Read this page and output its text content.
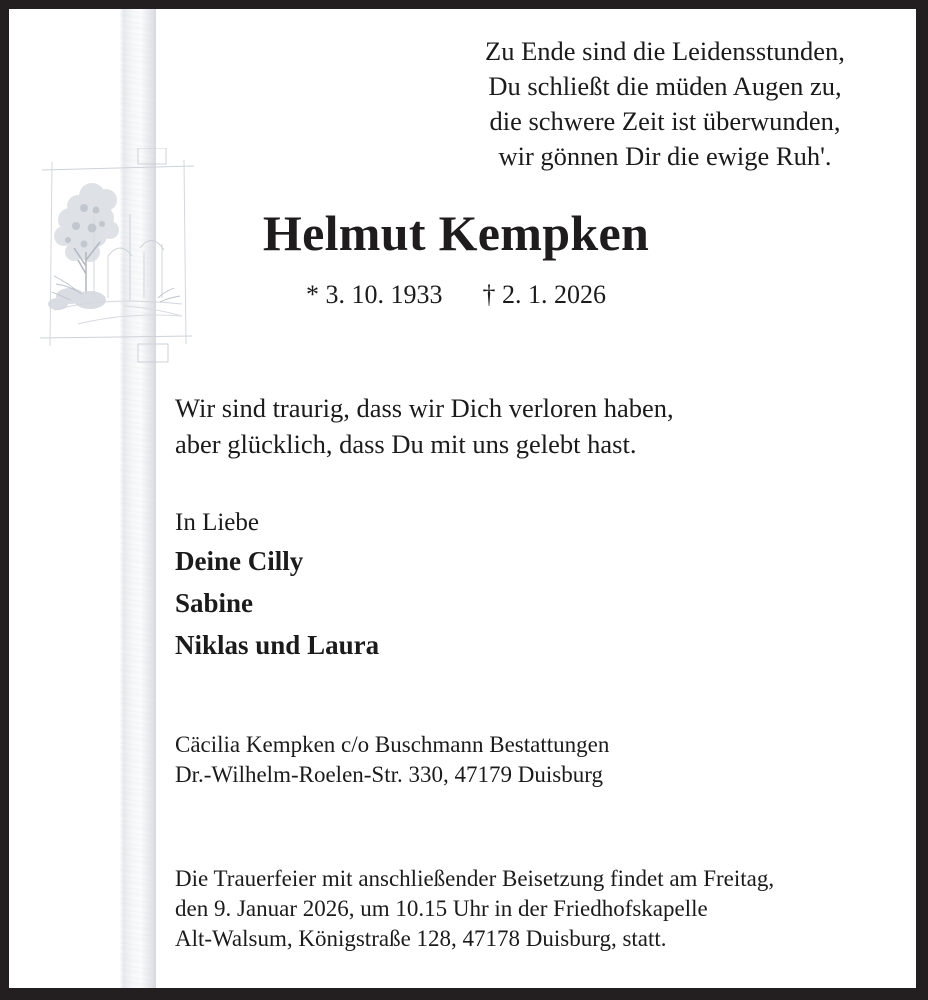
Zu Ende sind die Leidensstunden,
Du schließt die müden Augen zu,
die schwere Zeit ist überwunden,
wir gönnen Dir die ewige Ruh'.
Helmut Kempken
* 3. 10. 1933 † 2. 1. 2026
Wir sind traurig, dass wir Dich verloren haben,
aber glücklich, dass Du mit uns gelebt hast.
In Liebe
Deine Cilly
Sabine
Niklas und Laura
Cäcilia Kempken c/o Buschmann Bestattungen
Dr.-Wilhelm-Roelen-Str. 330, 47179 Duisburg
Die Trauerfeier mit anschließender Beisetzung findet am Freitag,
den 9. Januar 2026, um 10.15 Uhr in der Friedhofskapelle
Alt-Walsum, Königstraße 128, 47178 Duisburg, statt.
